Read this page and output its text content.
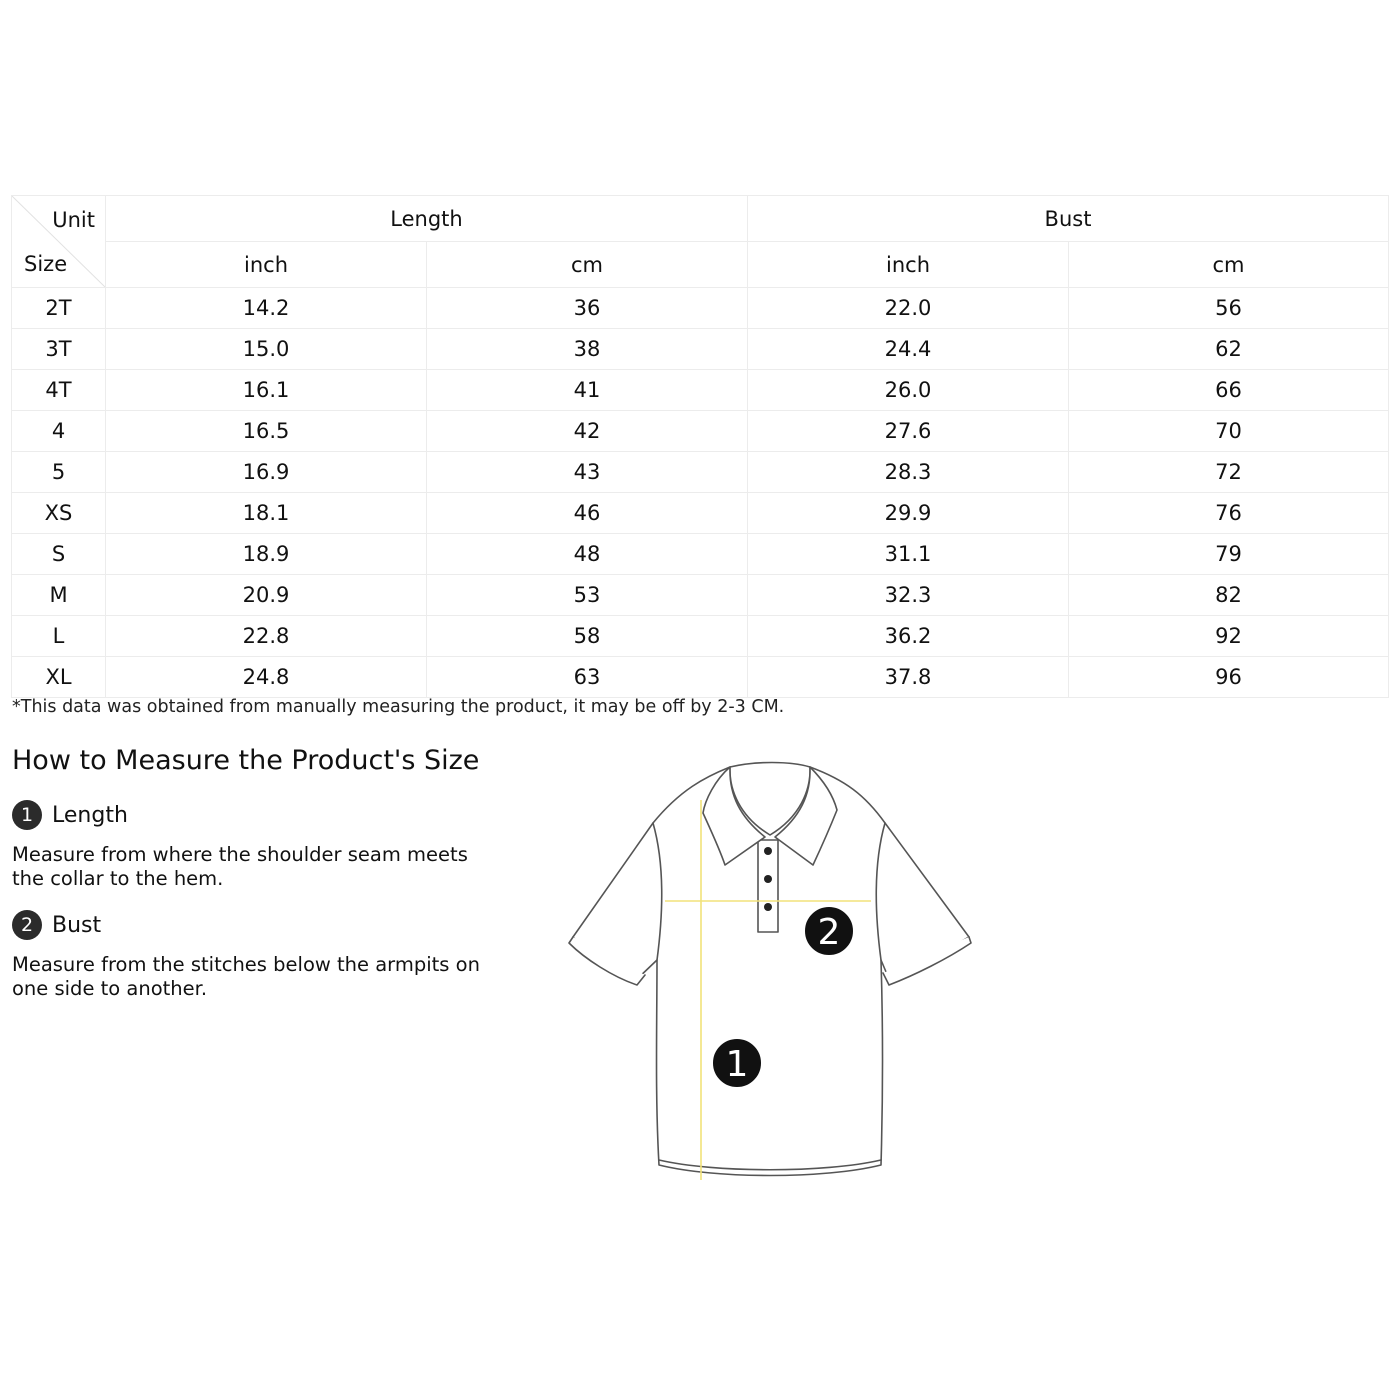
Unit
Size	Length		Bust	
	inch	cm	inch	cm
2T	14.2	36	22.0	56
3T	15.0	38	24.4	62
4T	16.1	41	26.0	66
4	16.5	42	27.6	70
5	16.9	43	28.3	72
XS	18.1	46	29.9	76
S	18.9	48	31.1	79
M	20.9	53	32.3	82
L	22.8	58	36.2	92
XL	24.8	63	37.8	96
*This data was obtained from manually measuring the product, it may be off by 2-3 CM.
How to Measure the Product's Size
1 Length
Measure from where the shoulder seam meets the collar to the hem.
2 Bust
Measure from the stitches below the armpits on one side to another.
2
1
